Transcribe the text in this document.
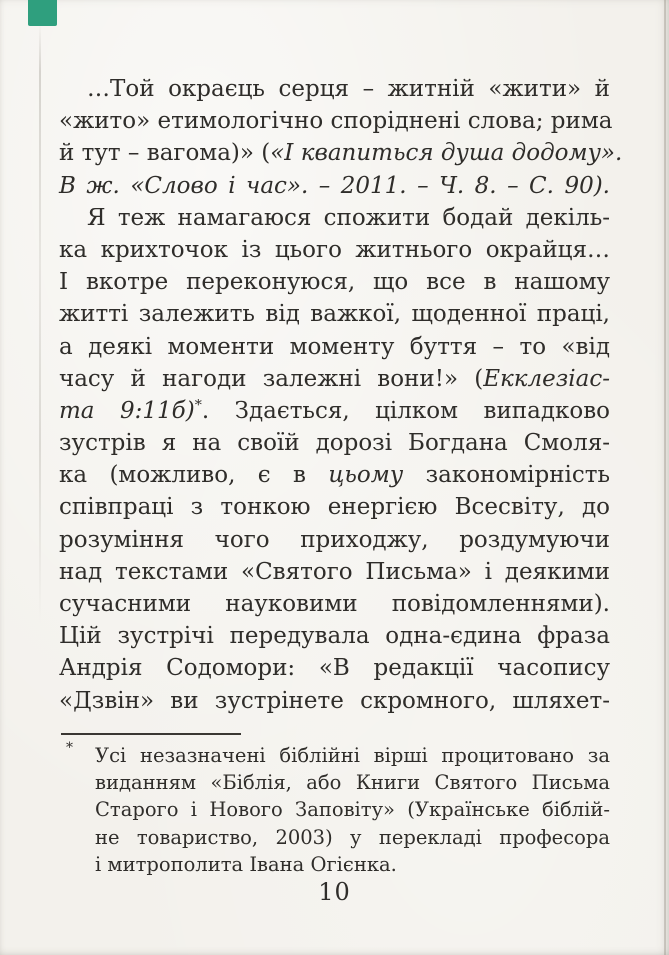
…Той окраєць серця – житній «жити» й
«жито» етимологічно споріднені слова; рима
й тут – вагома)» («І квапиться душа додому».
В ж. «Слово і час». – 2011. – Ч. 8. – С. 90).
Я теж намагаюся спожити бодай декіль-
ка крихточок із цього житнього окрайця…
І вкотре переконуюся, що все в нашому
житті залежить від важкої, щоденної праці,
а деякі моменти моменту буття – то «від
часу й нагоди залежні вони!» (Екклезіас-
та 9:11б)*. Здається, цілком випадково
зустрів я на своїй дорозі Богдана Смоля-
ка (можливо, є в цьому закономірність
співпраці з тонкою енергією Всесвіту, до
розуміння чого приходжу, роздумуючи
над текстами «Святого Письма» і деякими
сучасними науковими повідомленнями).
Цій зустрічі передувала одна-єдина фраза
Андрія Содомори: «В редакції часопису
«Дзвін» ви зустрінете скромного, шляхет-
* Усі незазначені біблійні вірші процитовано за
виданням «Біблія, або Книги Святого Письма
Старого і Нового Заповіту» (Українське біблій-
не товариство, 2003) у перекладі професора
і митрополита Івана Огієнка.
10
